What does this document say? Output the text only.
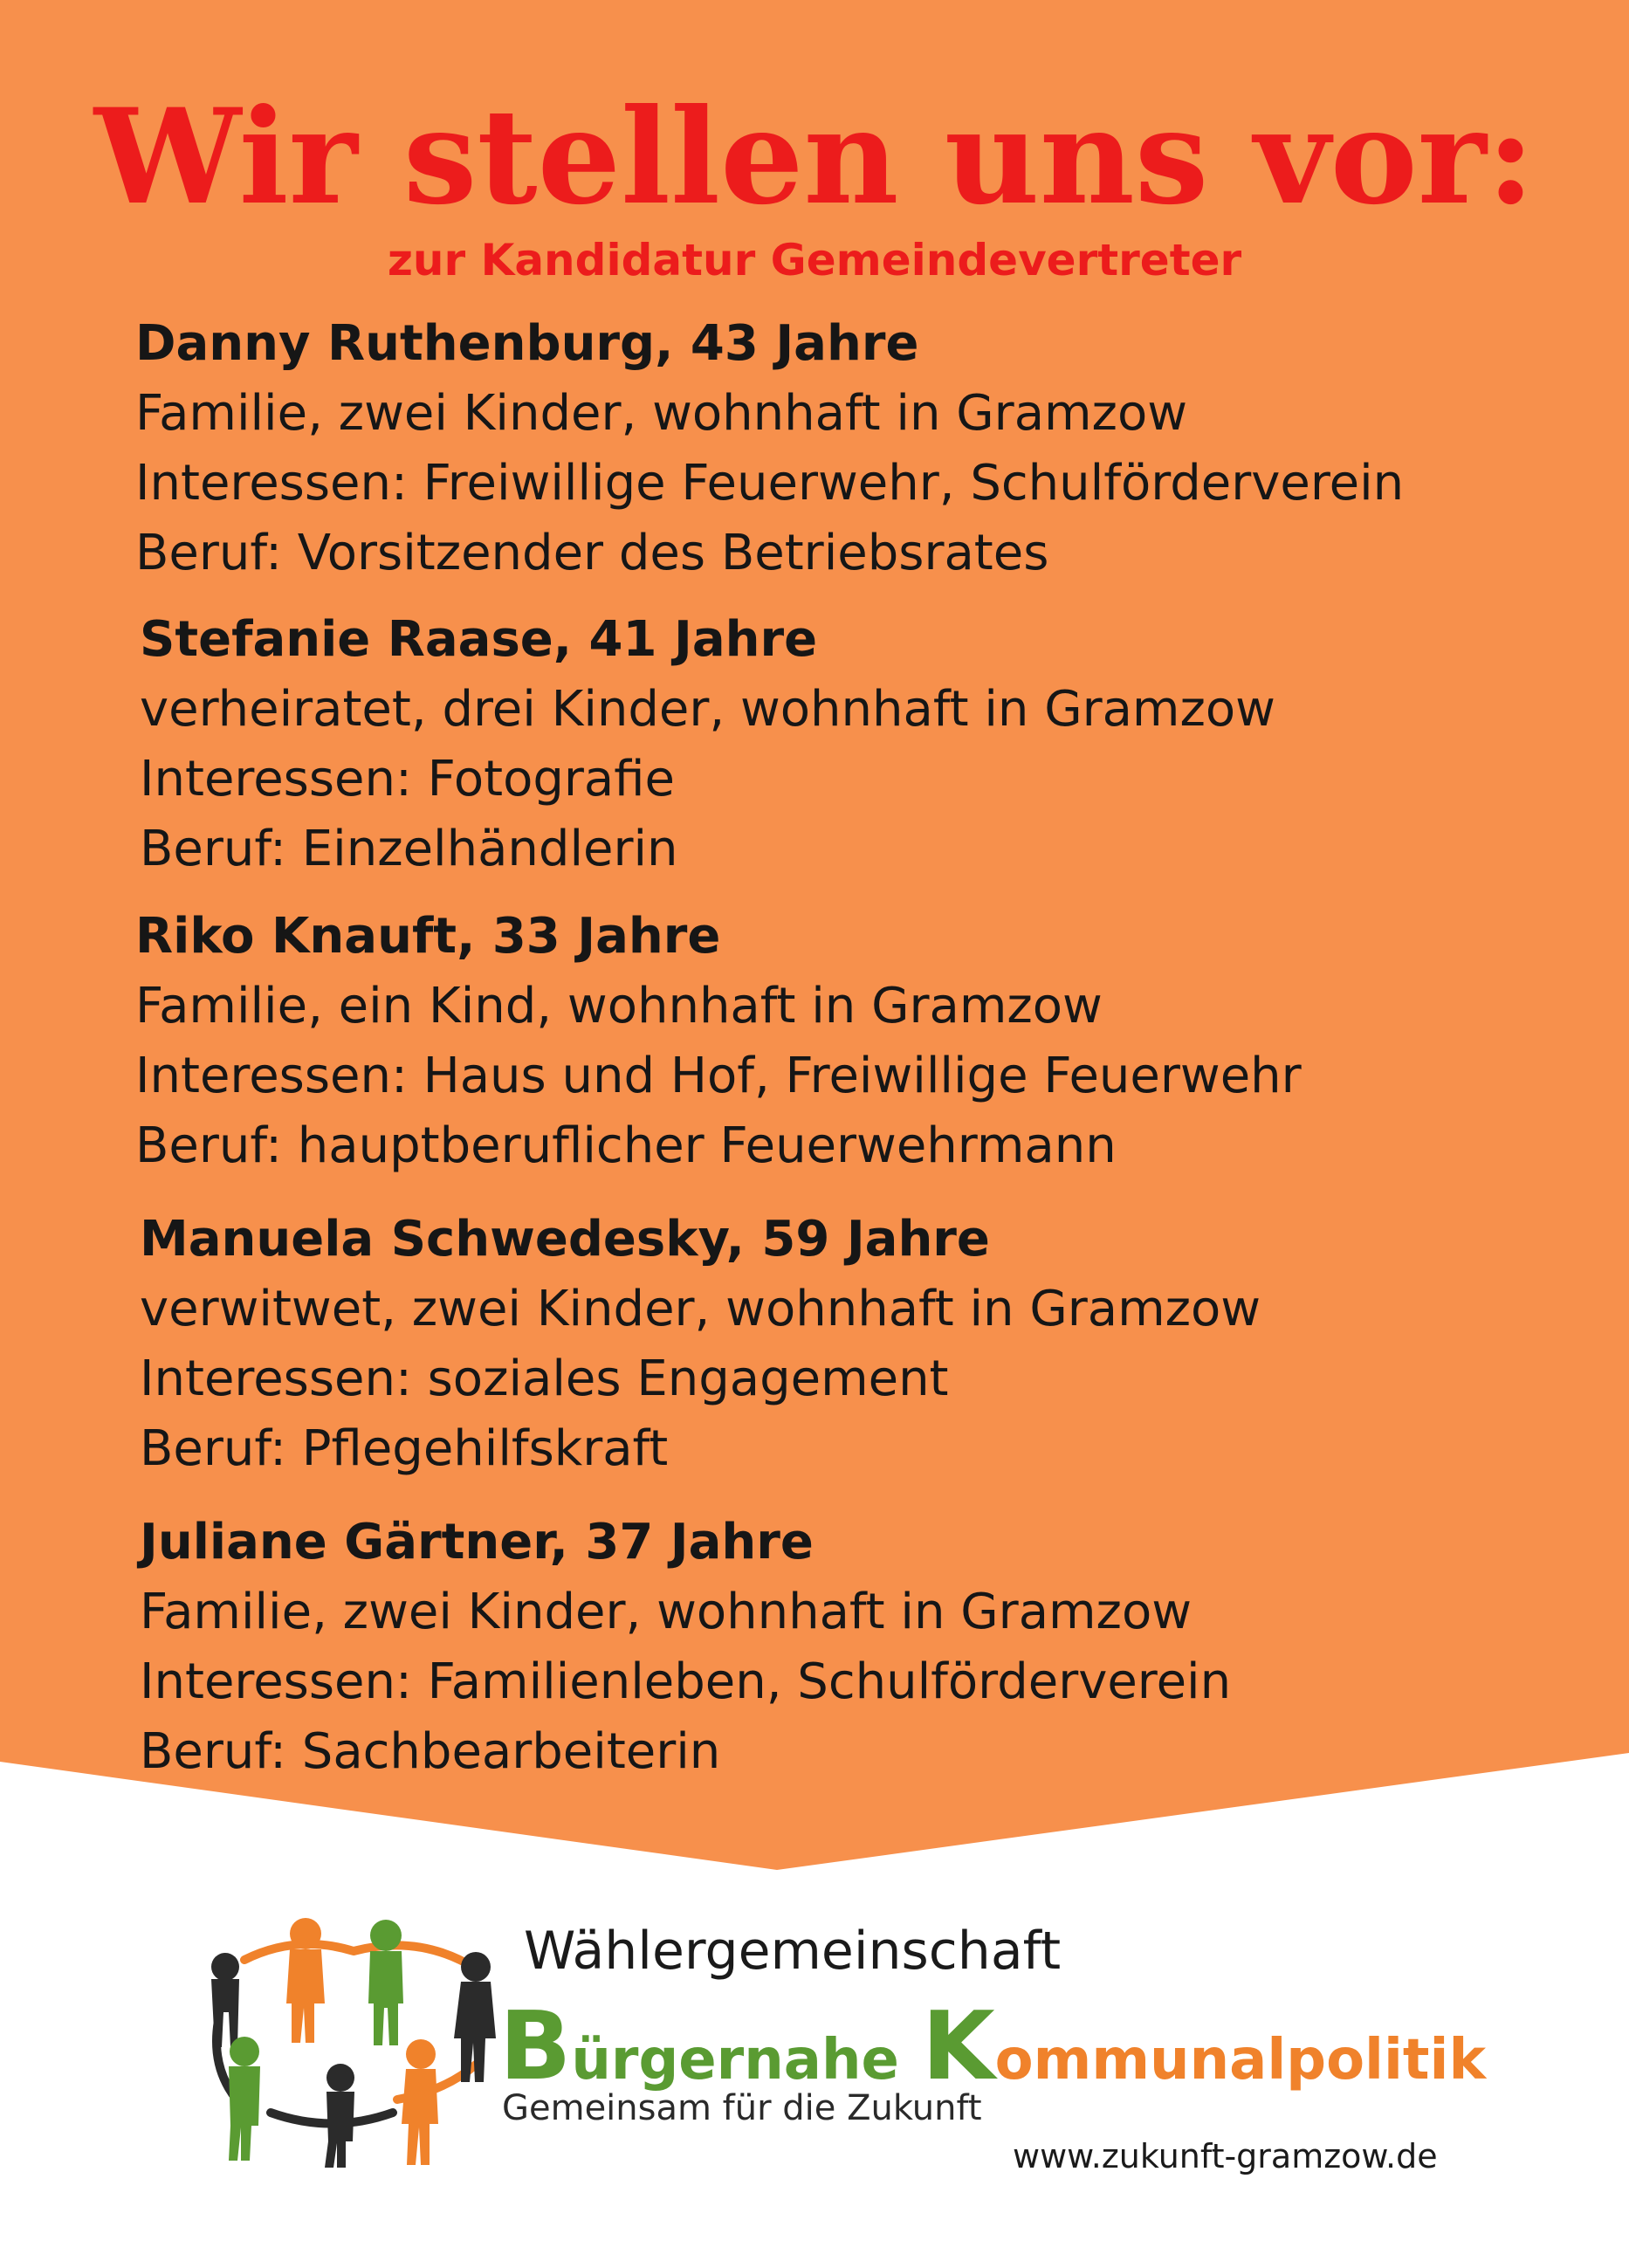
Wir stellen uns vor:
zur Kandidatur Gemeindevertreter

Danny Ruthenburg, 43 Jahre

Familie, zwei Kinder, wohnhaft in Gramzow

Interessen: Freiwillige Feuerwehr, Schulförderverein

Beruf: Vorsitzender des Betriebsrates

Stefanie Raase, 41 Jahre

verheiratet, drei Kinder, wohnhaft in Gramzow

Interessen: Fotografie

Beruf: Einzelhändlerin

Riko Knauft, 33 Jahre

Familie, ein Kind, wohnhaft in Gramzow

Interessen: Haus und Hof, Freiwillige Feuerwehr

Beruf: hauptberuflicher Feuerwehrmann

Manuela Schwedesky, 59 Jahre

verwitwet, zwei Kinder, wohnhaft in Gramzow

Interessen: soziales Engagement

Beruf: Pflegehilfskraft

Juliane Gärtner, 37 Jahre

Familie, zwei Kinder, wohnhaft in Gramzow

Interessen: Familienleben, Schulförderverein

Beruf: Sachbearbeiterin

Wählergemeinschaft
Bürgernahe Kommunalpolitik
Gemeinsam für die Zukunft
www.zukunft-gramzow.de
